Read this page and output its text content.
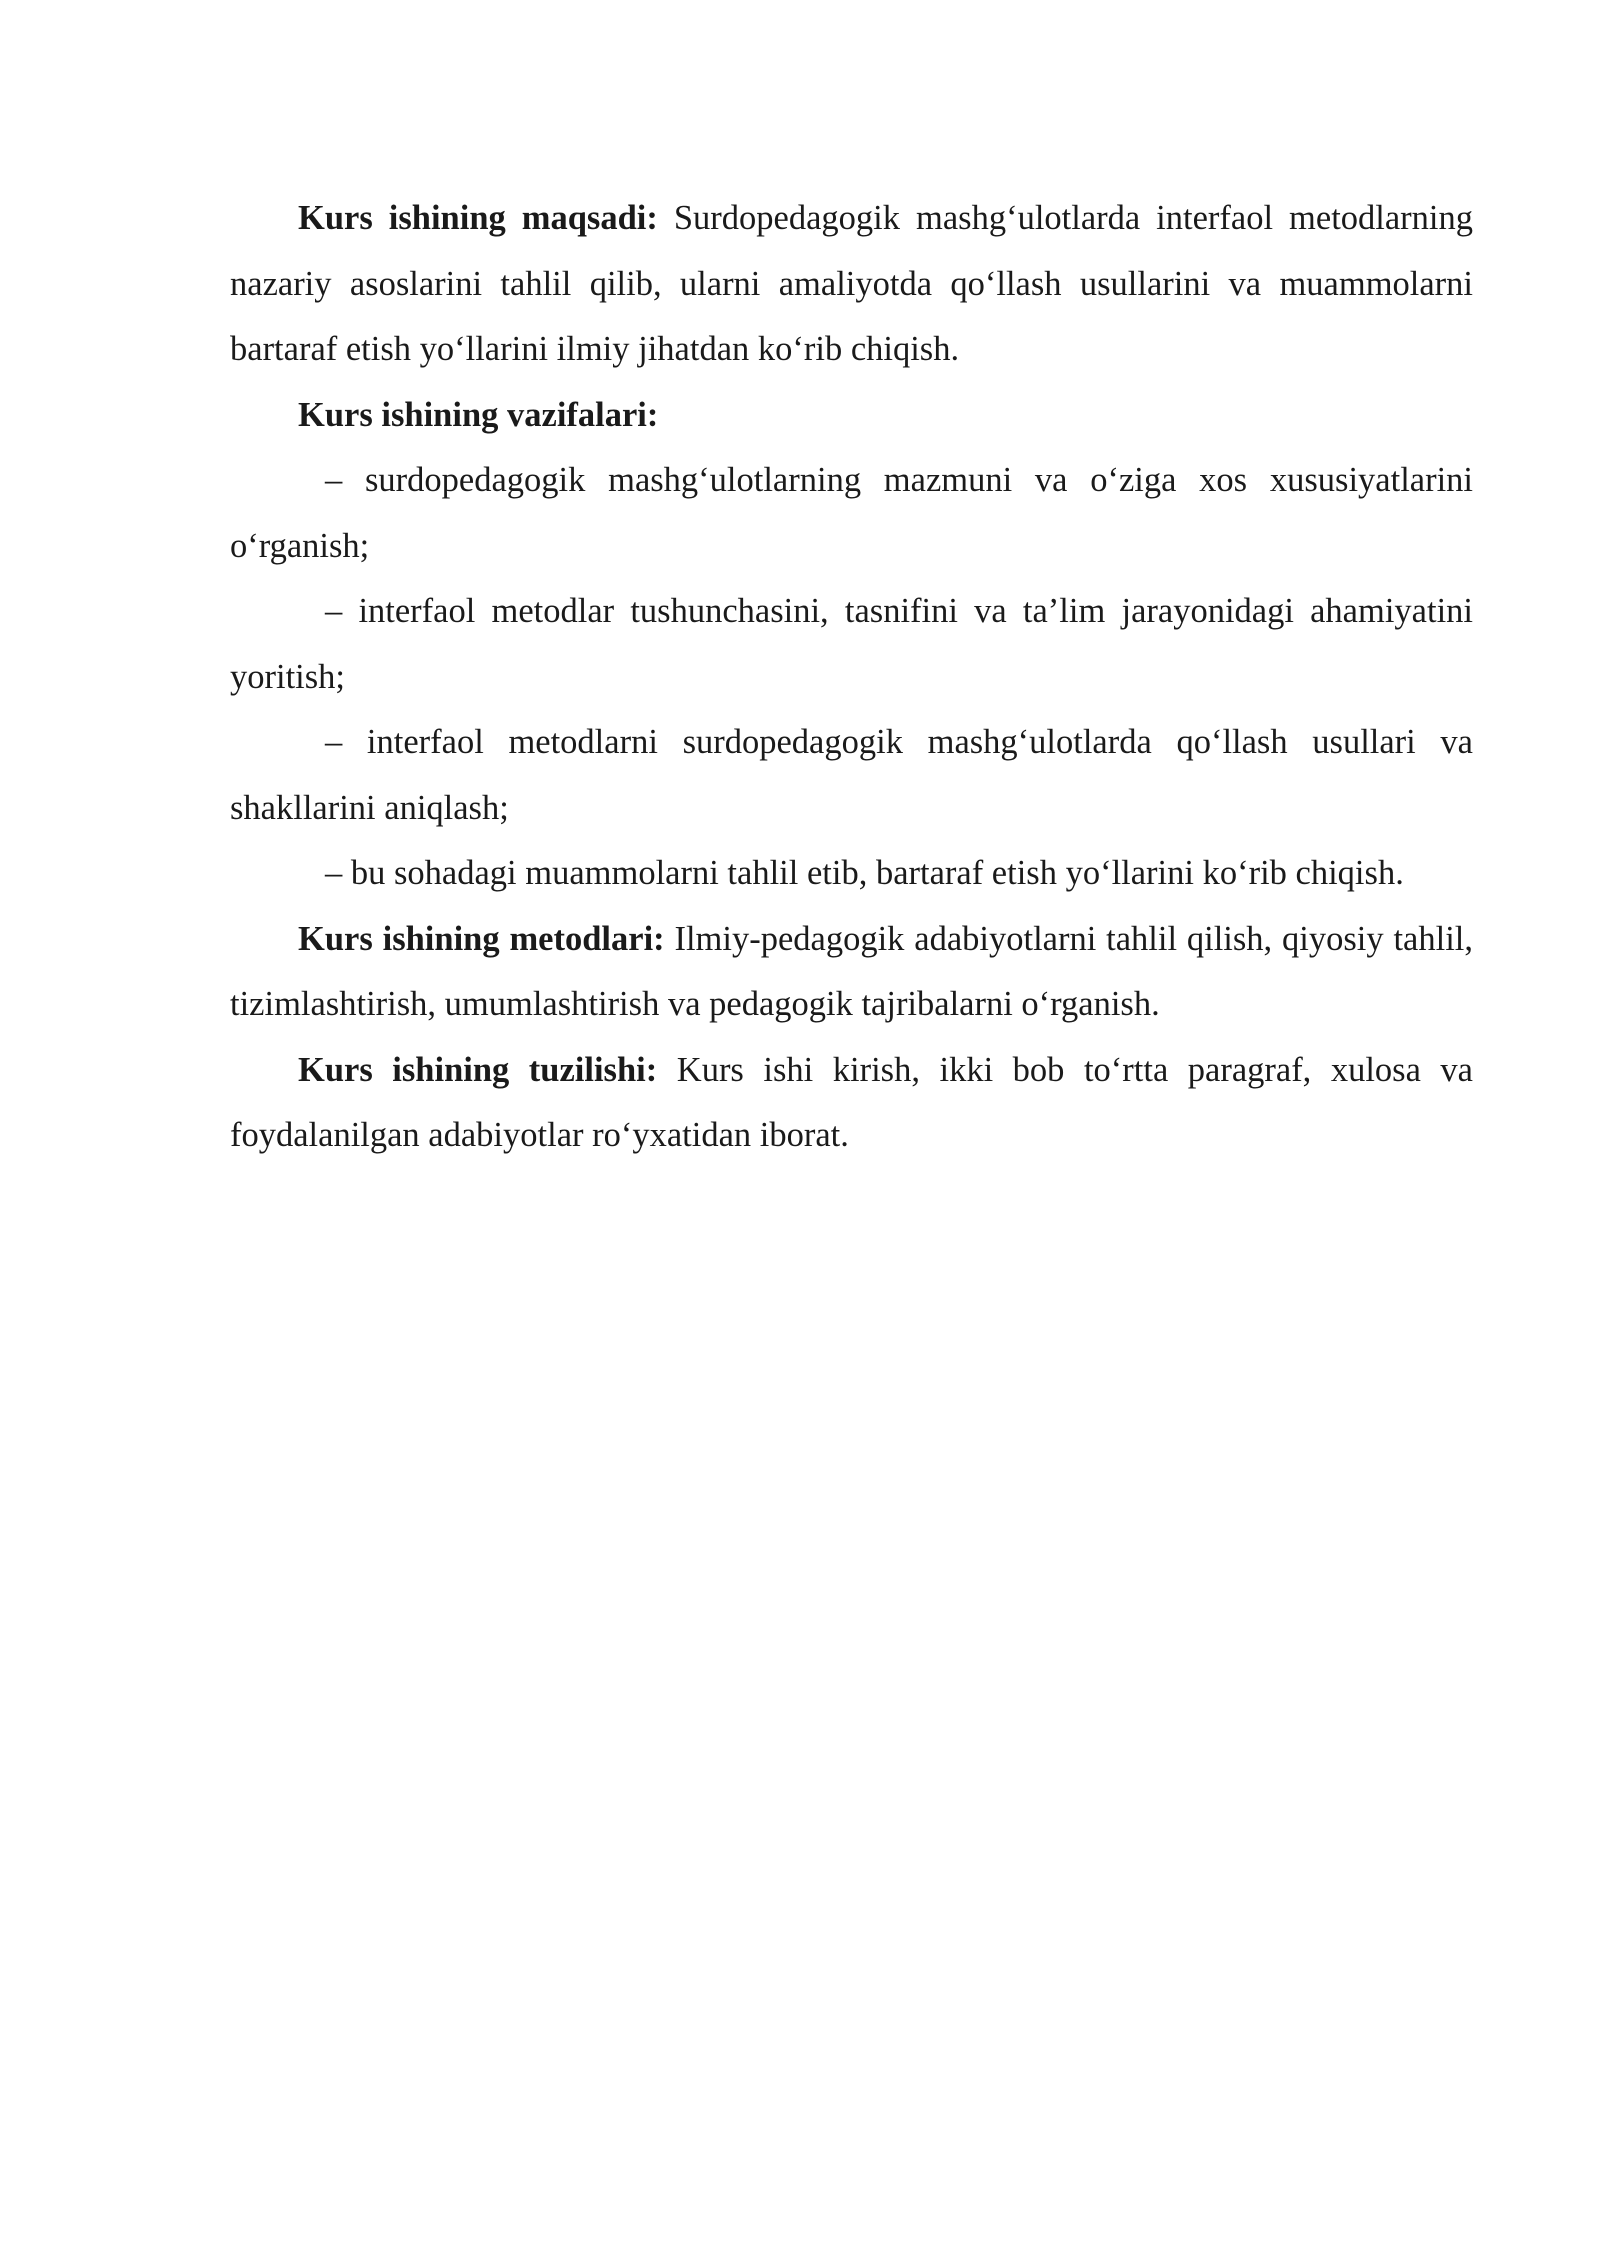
Kurs ishining maqsadi: Surdopedagogik mashg‘ulotlarda interfaol metodlarning nazariy asoslarini tahlil qilib, ularni amaliyotda qo‘llash usullarini va muammolarni bartaraf etish yo‘llarini ilmiy jihatdan ko‘rib chiqish.

Kurs ishining vazifalari:

– surdopedagogik mashg‘ulotlarning mazmuni va o‘ziga xos xususiyatlarini o‘rganish;

– interfaol metodlar tushunchasini, tasnifini va ta’lim jarayonidagi ahamiyatini yoritish;

– interfaol metodlarni surdopedagogik mashg‘ulotlarda qo‘llash usullari va shakllarini aniqlash;

– bu sohadagi muammolarni tahlil etib, bartaraf etish yo‘llarini ko‘rib chiqish.

Kurs ishining metodlari: Ilmiy-pedagogik adabiyotlarni tahlil qilish, qiyosiy tahlil, tizimlashtirish, umumlashtirish va pedagogik tajribalarni o‘rganish.

Kurs ishining tuzilishi: Kurs ishi kirish, ikki bob to‘rtta paragraf, xulosa va foydalanilgan adabiyotlar ro‘yxatidan iborat.
